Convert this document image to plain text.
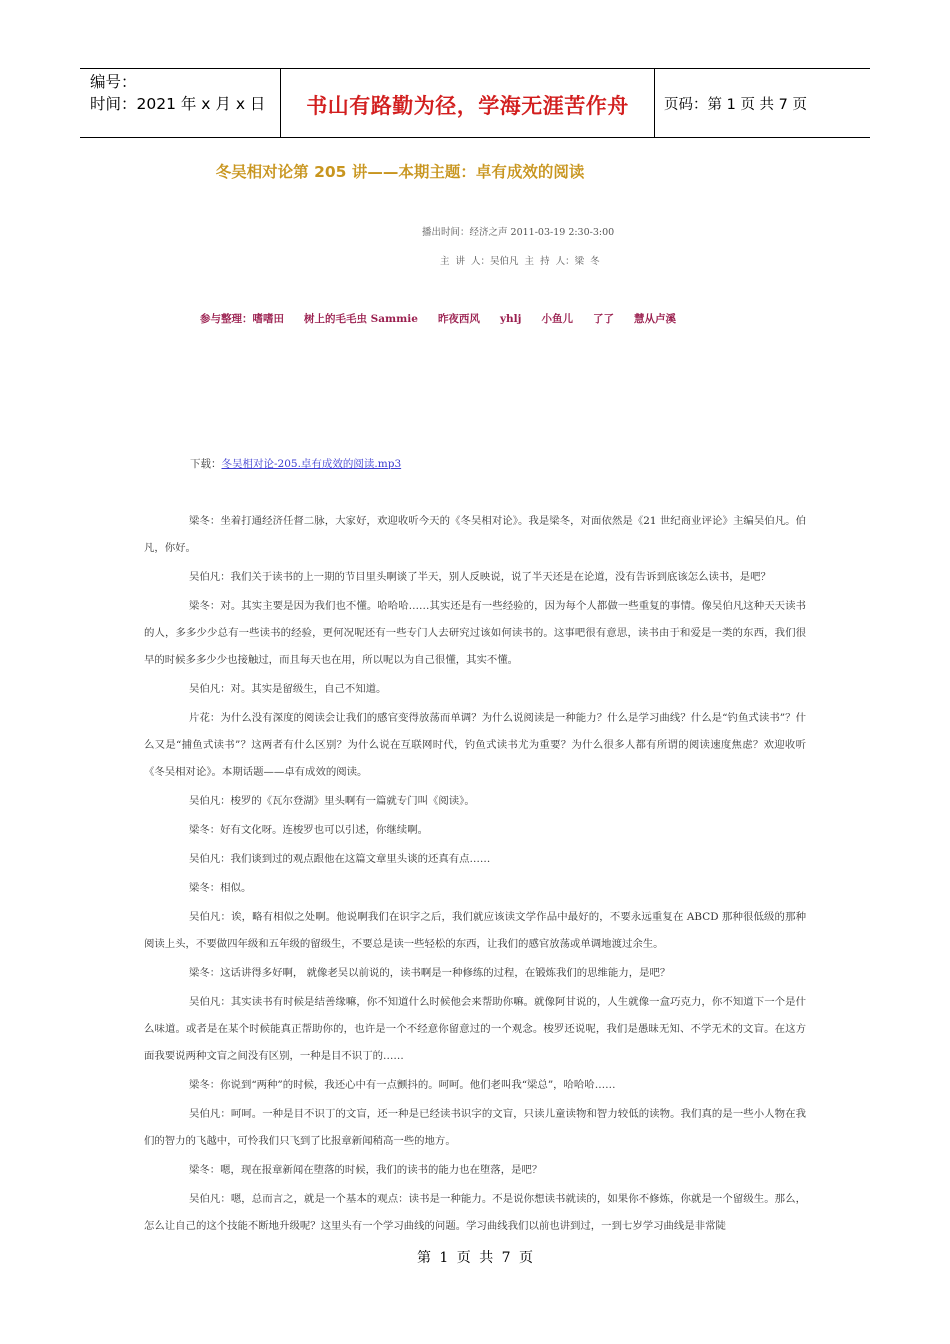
编号：
时间：2021 年 x 月 x 日	书山有路勤为径，学海无涯苦作舟 页码：第 1 页 共 7 页
冬吴相对论第 205 讲——本期主题：卓有成效的阅读
播出时间：经济之声 2011-03-19 2:30-3:00
主 讲 人：吴伯凡 主 持 人：梁 冬
参与整理：嗜嗜田 树上的毛毛虫 Sammie 昨夜西风 yhlj 小鱼儿 了了 慧从卢溪
下载：冬吴相对论-205.卓有成效的阅读.mp3

梁冬：坐着打通经济任督二脉，大家好，欢迎收听今天的《冬吴相对论》。我是梁冬，对面依然是《21 世纪商业评论》主编吴伯凡。伯凡，你好。

吴伯凡：我们关于读书的上一期的节目里头啊谈了半天，别人反映说，说了半天还是在论道，没有告诉到底该怎么读书，是吧？

梁冬：对。其实主要是因为我们也不懂。哈哈哈……其实还是有一些经验的，因为每个人都做一些重复的事情。像吴伯凡这种天天读书的人，多多少少总有一些读书的经验，更何况呢还有一些专门人去研究过该如何读书的。这事吧很有意思，读书由于和爱是一类的东西，我们很早的时候多多少少也接触过，而且每天也在用，所以呢以为自己很懂，其实不懂。

吴伯凡：对。其实是留级生，自己不知道。

片花：为什么没有深度的阅读会让我们的感官变得放荡而单调？为什么说阅读是一种能力？什么是学习曲线？什么是“钓鱼式读书”？什么又是“捕鱼式读书”？这两者有什么区别？为什么说在互联网时代，钓鱼式读书尤为重要？为什么很多人都有所谓的阅读速度焦虑？欢迎收听《冬吴相对论》。本期话题——卓有成效的阅读。

吴伯凡：梭罗的《瓦尔登湖》里头啊有一篇就专门叫《阅读》。

梁冬：好有文化呀。连梭罗也可以引述，你继续啊。

吴伯凡：我们谈到过的观点跟他在这篇文章里头谈的还真有点……

梁冬：相似。

吴伯凡：诶，略有相似之处啊。他说啊我们在识字之后，我们就应该读文学作品中最好的，不要永远重复在 ABCD 那种很低级的那种阅读上头，不要做四年级和五年级的留级生，不要总是读一些轻松的东西，让我们的感官放荡或单调地渡过余生。

梁冬：这话讲得多好啊， 就像老吴以前说的，读书啊是一种修练的过程，在锻炼我们的思维能力，是吧？

吴伯凡：其实读书有时候是结善缘嘛，你不知道什么时候他会来帮助你嘛。就像阿甘说的，人生就像一盒巧克力，你不知道下一个是什么味道。或者是在某个时候能真正帮助你的，也许是一个不经意你留意过的一个观念。梭罗还说呢，我们是愚昧无知、不学无术的文盲。在这方面我要说两种文盲之间没有区别，一种是目不识丁的……

梁冬：你说到“两种”的时候，我还心中有一点颤抖的。呵呵。他们老叫我“梁总”，哈哈哈……

吴伯凡：呵呵。一种是目不识丁的文盲，还一种是已经读书识字的文盲，只读儿童读物和智力较低的读物。我们真的是一些小人物在我们的智力的飞越中，可怜我们只飞到了比报章新闻稍高一些的地方。

梁冬：嗯，现在报章新闻在堕落的时候，我们的读书的能力也在堕落，是吧？

吴伯凡：嗯，总而言之，就是一个基本的观点：读书是一种能力。不是说你想读书就读的，如果你不修炼，你就是一个留级生。那么，怎么让自己的这个技能不断地升级呢？这里头有一个学习曲线的问题。学习曲线我们以前也讲到过，一到七岁学习曲线是非常陡

第 1 页 共 7 页
